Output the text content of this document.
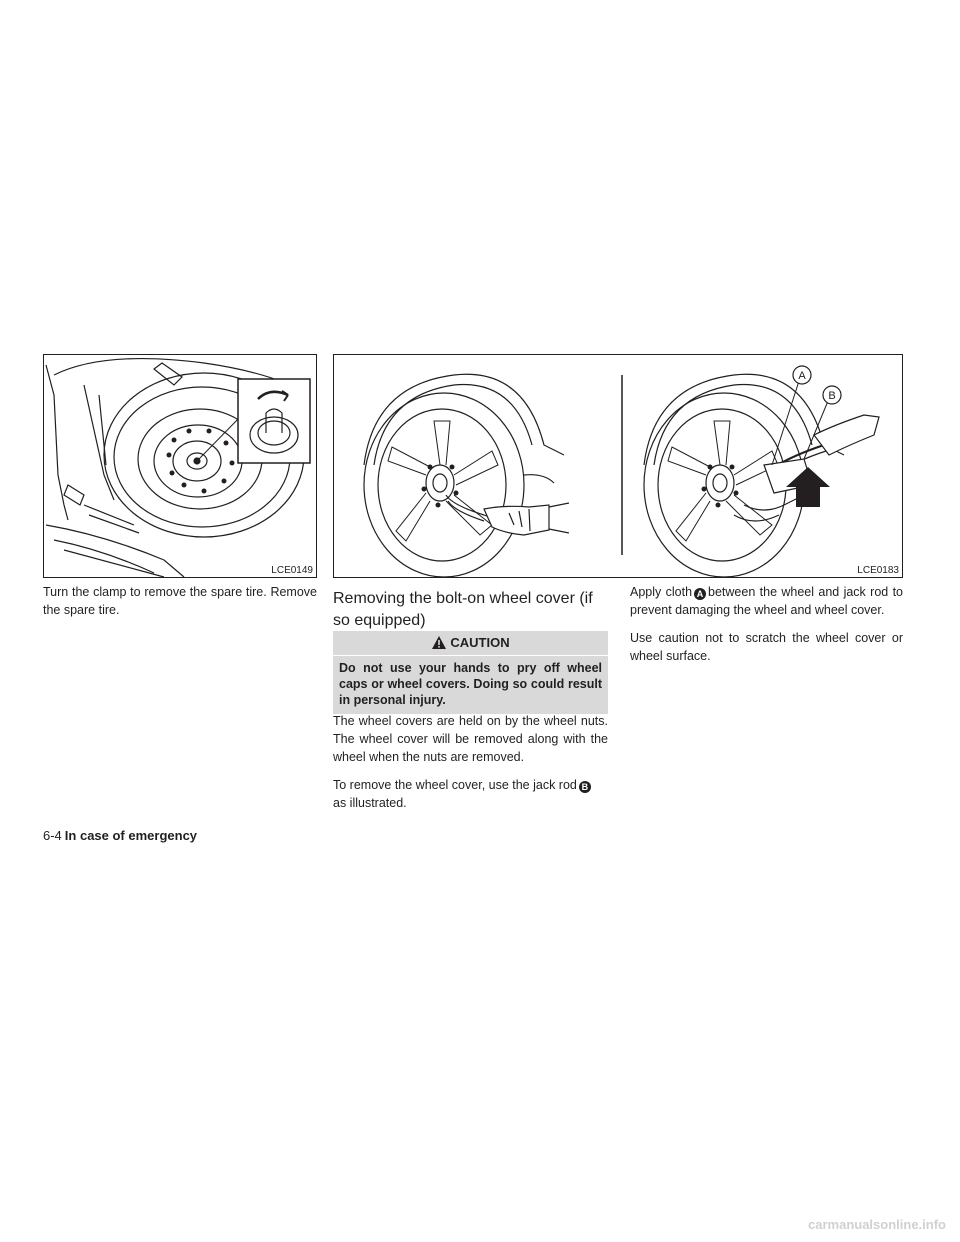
LCE0149
A
B
LCE0183

Turn the clamp to remove the spare tire. Remove the spare tire.

Removing the bolt-on wheel cover (if so equipped)
CAUTION
Do not use your hands to pry off wheel caps or wheel covers. Doing so could result in personal injury.

The wheel covers are held on by the wheel nuts. The wheel cover will be removed along with the wheel when the nuts are removed.

To remove the wheel cover, use the jack rod B
as illustrated.

Apply cloth A between the wheel and jack rod to prevent damaging the wheel and wheel cover.

Use caution not to scratch the wheel cover or wheel surface.

6-4 In case of emergency
carmanualsonline.info
